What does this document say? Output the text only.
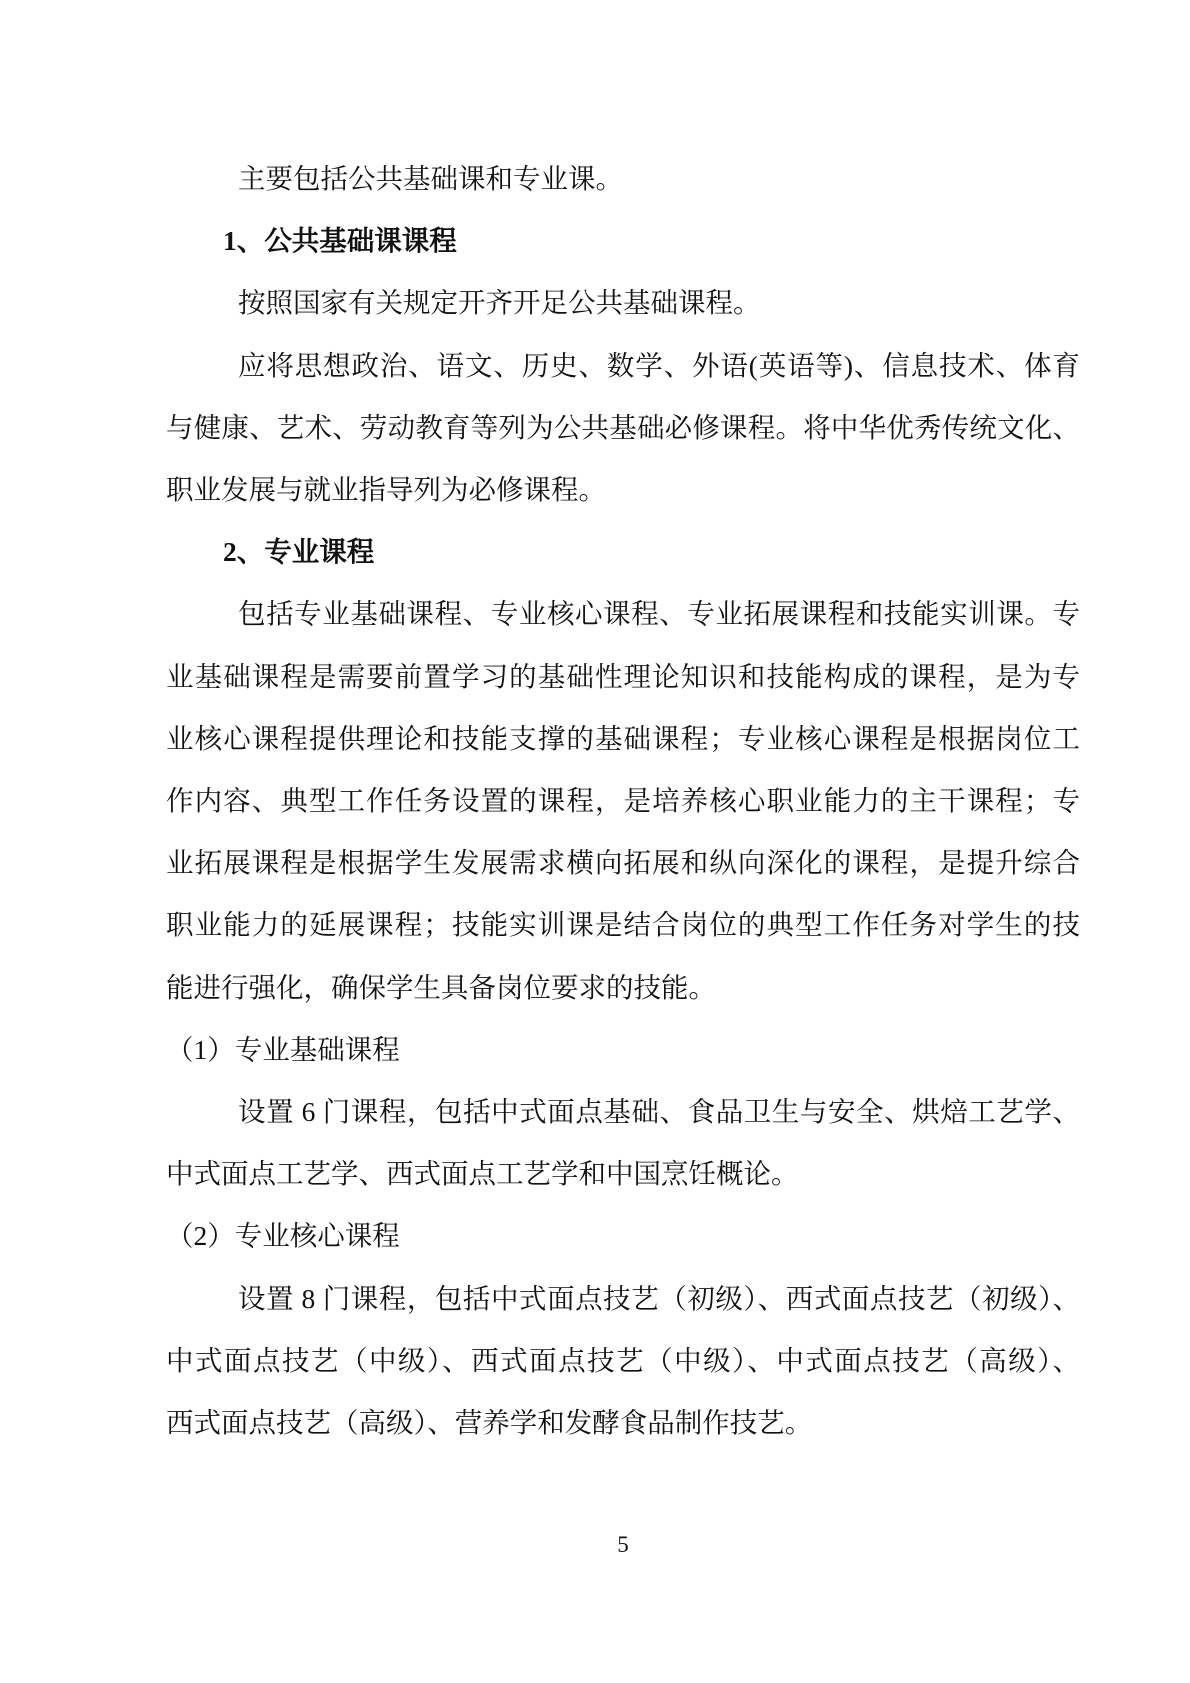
主要包括公共基础课和专业课。
1、公共基础课课程
按照国家有关规定开齐开足公共基础课程。
应将思想政治、语文、历史、数学、外语(英语等)、信息技术、体育
与健康、艺术、劳动教育等列为公共基础必修课程。将中华优秀传统文化、
职业发展与就业指导列为必修课程。
2、专业课程
包括专业基础课程、专业核心课程、专业拓展课程和技能实训课。专
业基础课程是需要前置学习的基础性理论知识和技能构成的课程，是为专
业核心课程提供理论和技能支撑的基础课程；专业核心课程是根据岗位工
作内容、典型工作任务设置的课程，是培养核心职业能力的主干课程；专
业拓展课程是根据学生发展需求横向拓展和纵向深化的课程，是提升综合
职业能力的延展课程；技能实训课是结合岗位的典型工作任务对学生的技
能进行强化，确保学生具备岗位要求的技能。
（1）专业基础课程
设置 6 门课程，包括中式面点基础、食品卫生与安全、烘焙工艺学、
中式面点工艺学、西式面点工艺学和中国烹饪概论。
（2）专业核心课程
设置 8 门课程，包括中式面点技艺（初级）、西式面点技艺（初级）、
中式面点技艺（中级）、西式面点技艺（中级）、中式面点技艺（高级）、
西式面点技艺（高级）、营养学和发酵食品制作技艺。
5
